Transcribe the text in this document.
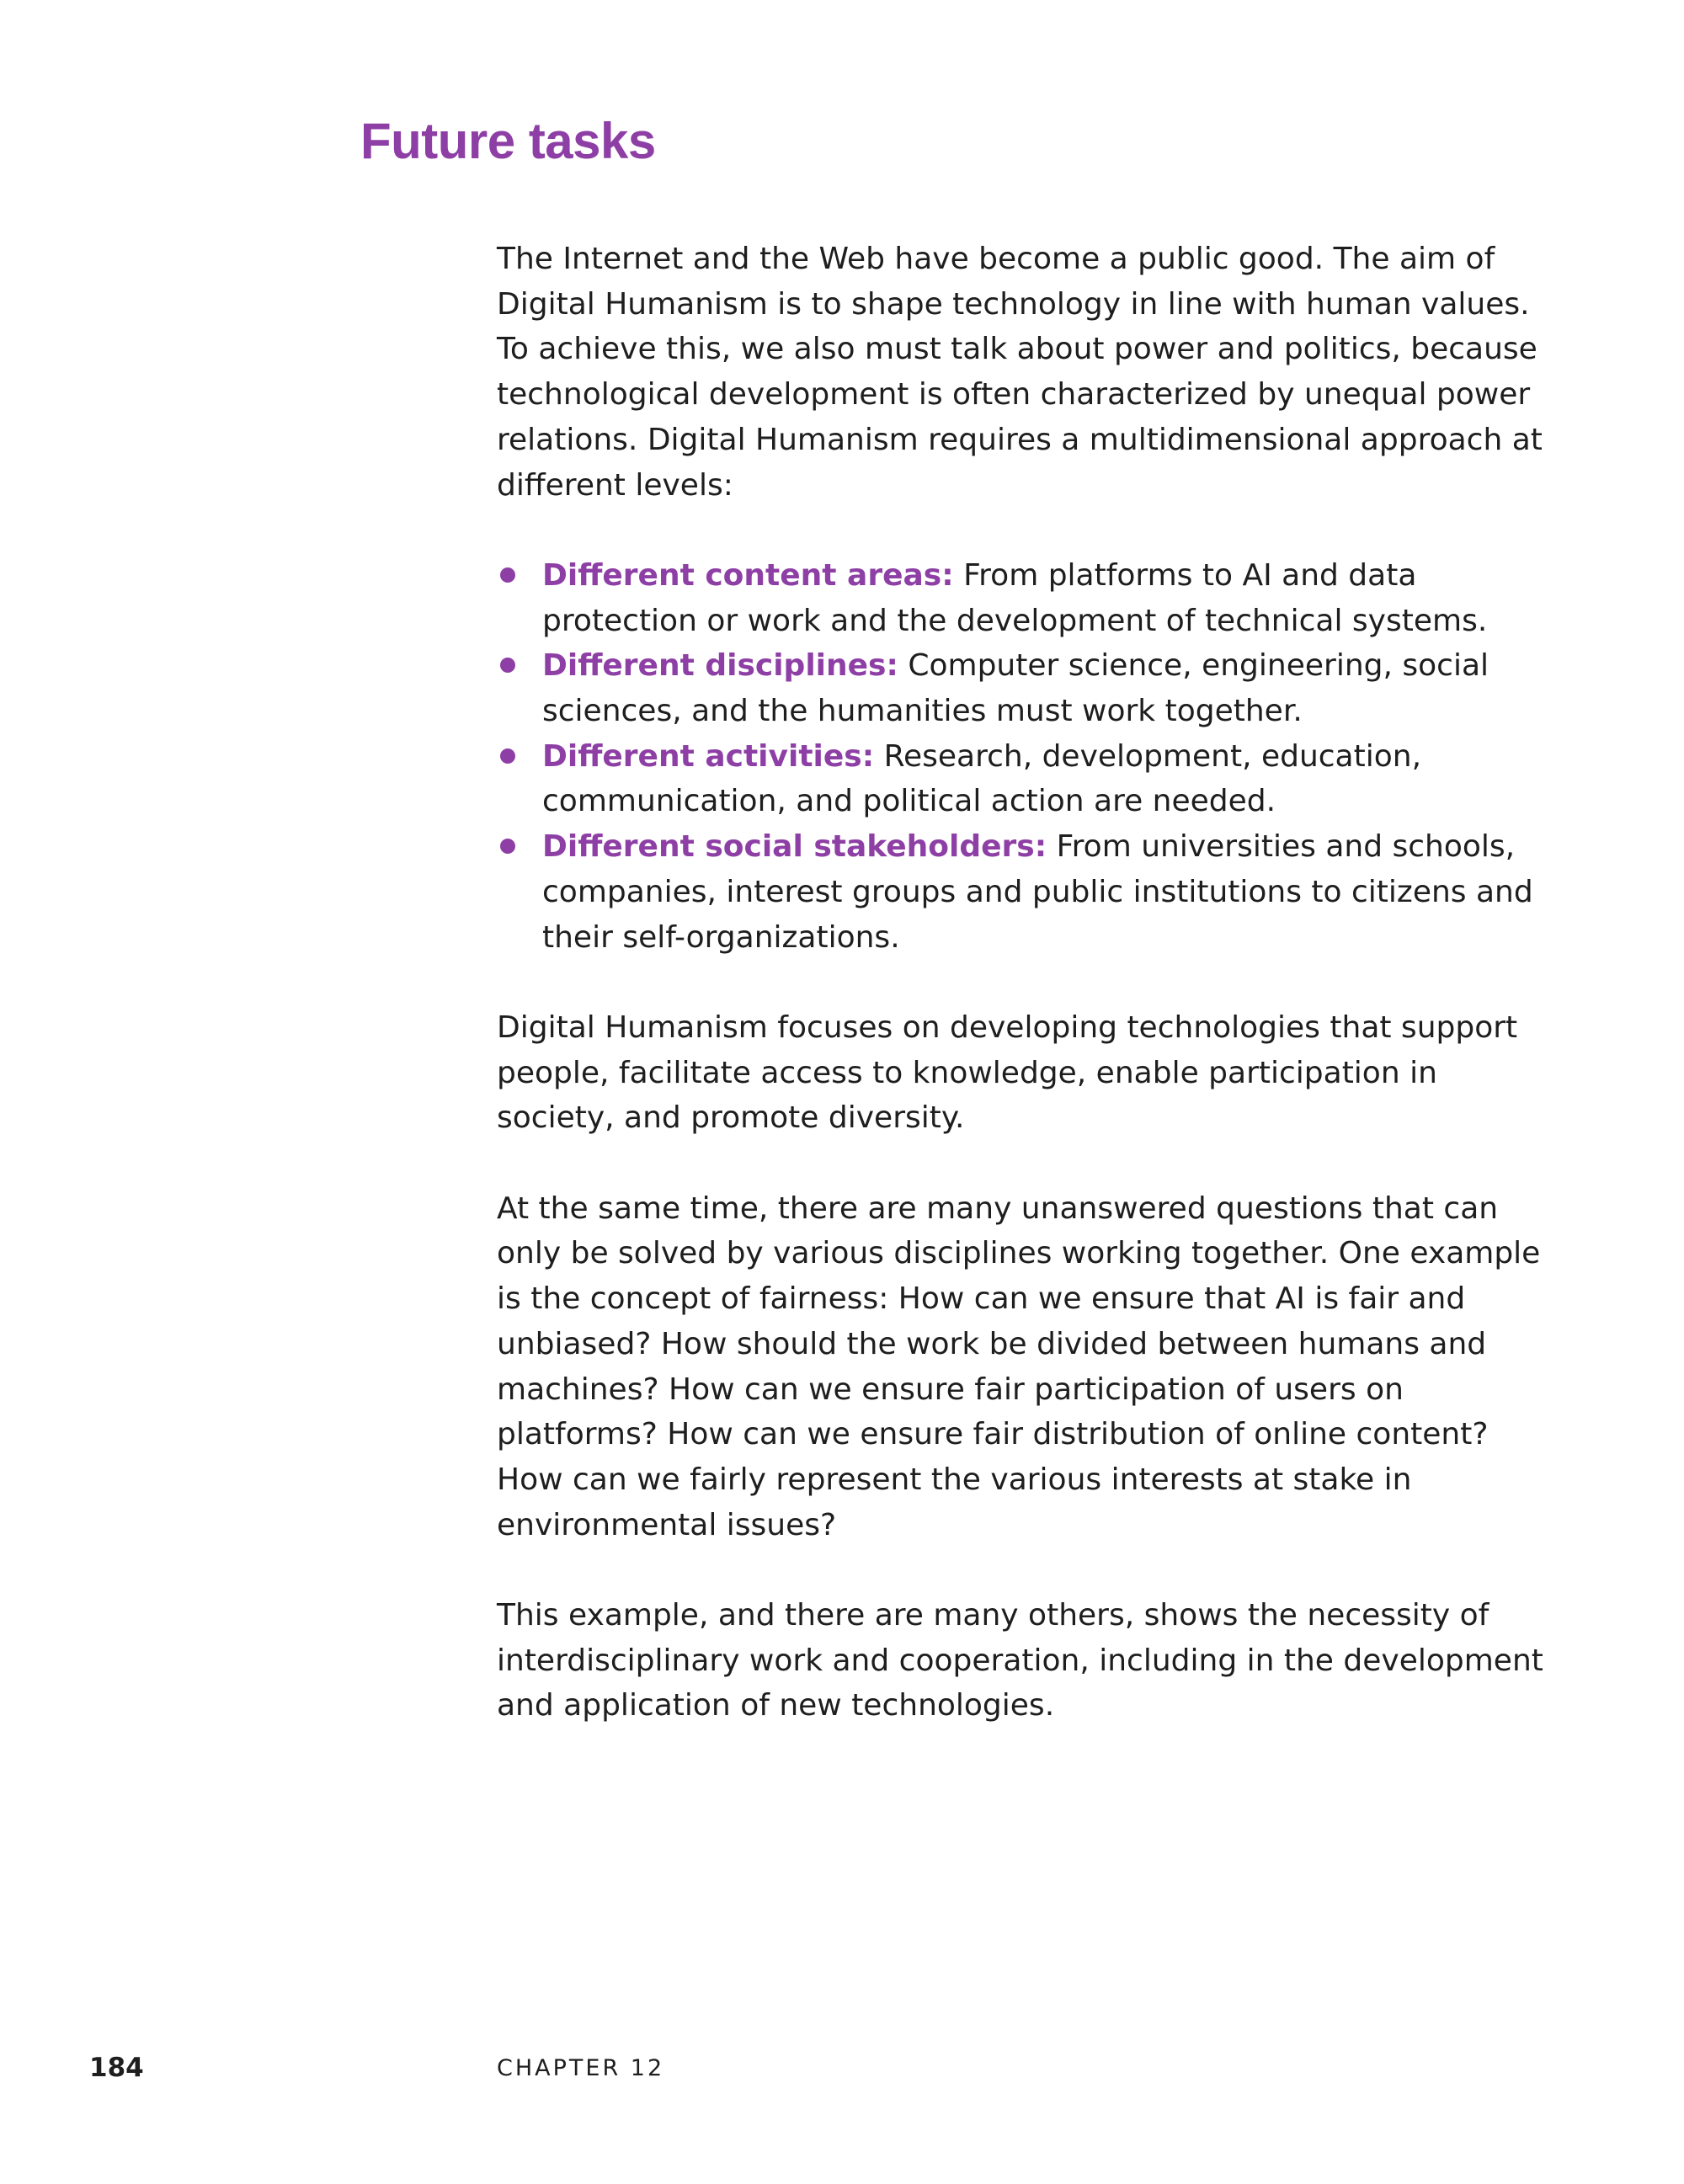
Future tasks

The Internet and the Web have become a public good. The aim of Digital Humanism is to shape technology in line with human values. To achieve this, we also must talk about power and politics, because technological development is often characterized by unequal power relations. Digital Humanism requires a multidimensional approach at different levels:

Different content areas: From platforms to AI and data protection or work and the development of technical systems.
Different disciplines: Computer science, engineering, social sciences, and the humanities must work together.
Different activities: Research, development, education, communication, and political action are needed.
Different social stakeholders: From universities and schools, companies, interest groups and public institutions to citizens and their self-organizations.

Digital Humanism focuses on developing technologies that support people, facilitate access to knowledge, enable participation in society, and promote diversity.

At the same time, there are many unanswered questions that can only be solved by various disciplines working together. One example is the concept of fairness: How can we ensure that AI is fair and unbiased? How should the work be divided between humans and machines? How can we ensure fair participation of users on platforms? How can we ensure fair distribution of online content? How can we fairly represent the various interests at stake in environmental issues?

This example, and there are many others, shows the necessity of interdisciplinary work and cooperation, including in the development and application of new technologies.

184	CHAPTER 12
